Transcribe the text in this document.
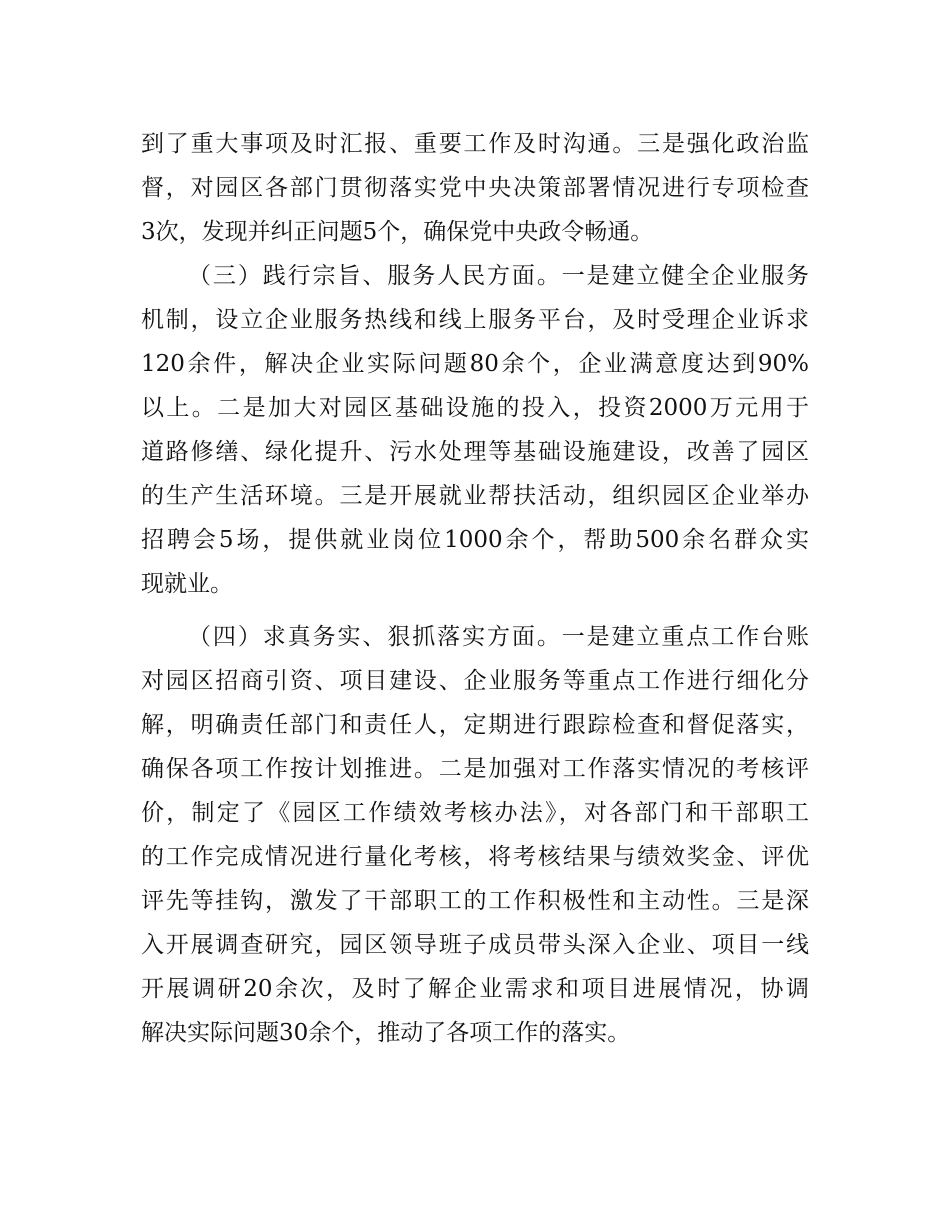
到了重大事项及时汇报、重要工作及时沟通。三是强化政治监
督，对园区各部门贯彻落实党中央决策部署情况进行专项检查
3次，发现并纠正问题5个，确保党中央政令畅通。
（三）践行宗旨、服务人民方面。一是建立健全企业服务
机制，设立企业服务热线和线上服务平台，及时受理企业诉求
120余件，解决企业实际问题80余个，企业满意度达到90%
以上。二是加大对园区基础设施的投入，投资2000万元用于
道路修缮、绿化提升、污水处理等基础设施建设，改善了园区
的生产生活环境。三是开展就业帮扶活动，组织园区企业举办
招聘会5场，提供就业岗位1000余个，帮助500余名群众实
现就业。
（四）求真务实、狠抓落实方面。一是建立重点工作台账
对园区招商引资、项目建设、企业服务等重点工作进行细化分
解，明确责任部门和责任人，定期进行跟踪检查和督促落实，
确保各项工作按计划推进。二是加强对工作落实情况的考核评
价，制定了《园区工作绩效考核办法》，对各部门和干部职工
的工作完成情况进行量化考核，将考核结果与绩效奖金、评优
评先等挂钩，激发了干部职工的工作积极性和主动性。三是深
入开展调查研究，园区领导班子成员带头深入企业、项目一线
开展调研20余次，及时了解企业需求和项目进展情况，协调
解决实际问题30余个，推动了各项工作的落实。
